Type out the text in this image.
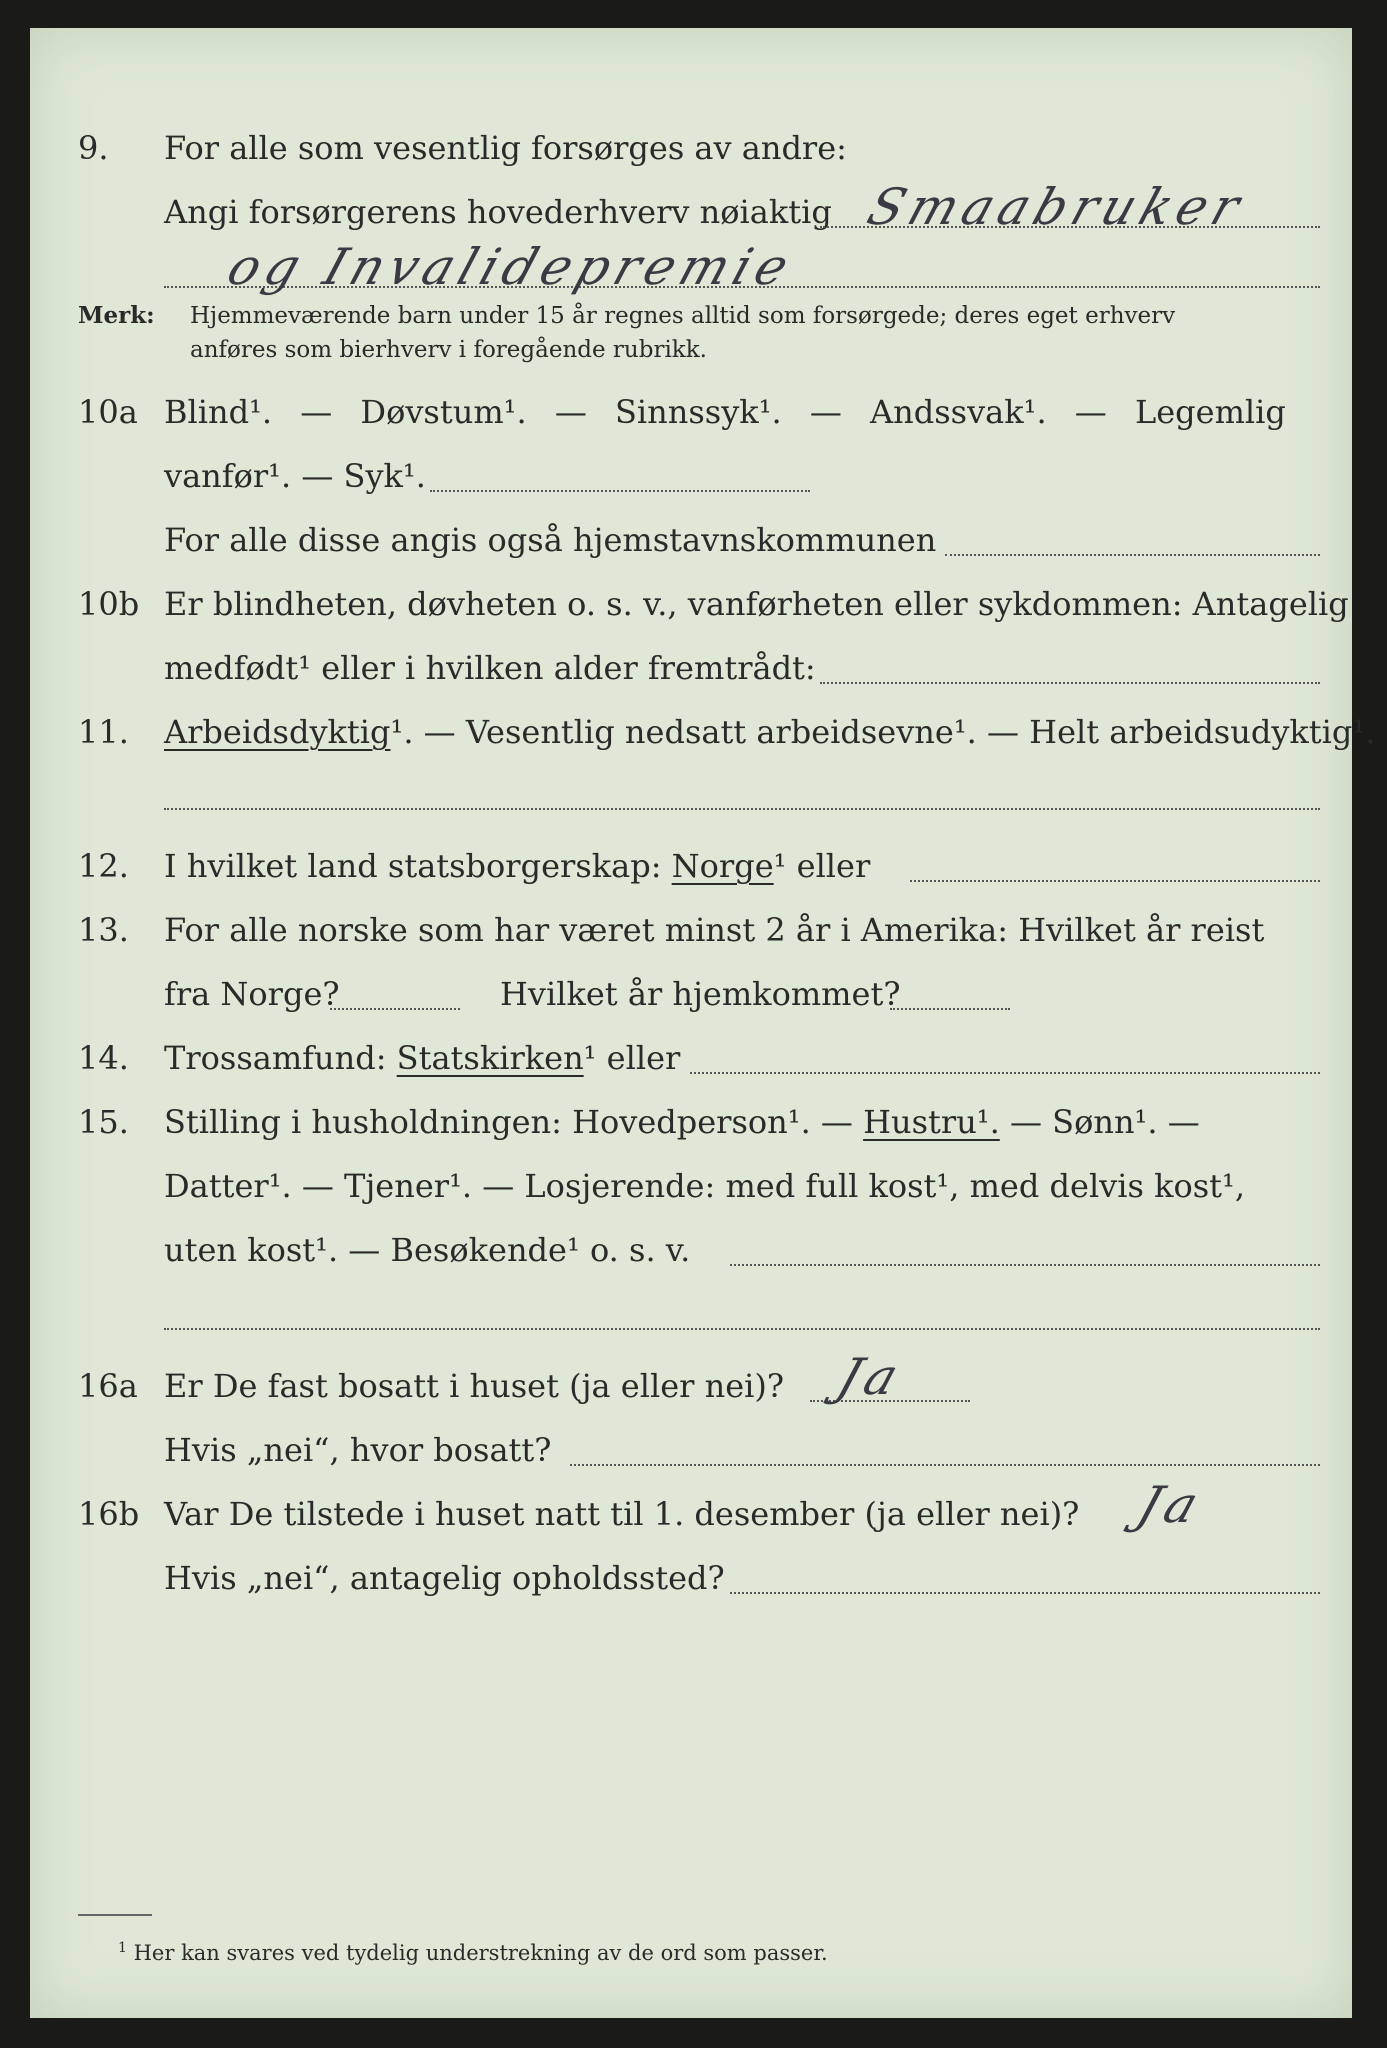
9. For alle som vesentlig forsørges av andre:
Angi forsørgerens hovederhverv nøiaktig Smaabruker
og Invalidepremie
Merk: Hjemmeværende barn under 15 år regnes alltid som forsørgede; deres eget erhverv
anføres som bierhverv i foregående rubrikk.
10a Blind¹. — Døvstum¹. — Sinnssyk¹. — Andssvak¹. — Legemlig
vanfør¹. — Syk¹.
For alle disse angis også hjemstavnskommunen
10b Er blindheten, døvheten o. s. v., vanførheten eller sykdommen: Antagelig
medfødt¹ eller i hvilken alder fremtrådt:
11. Arbeidsdyktig¹. — Vesentlig nedsatt arbeidsevne¹. — Helt arbeidsudyktig¹.
12. I hvilket land statsborgerskap: Norge¹ eller
13. For alle norske som har været minst 2 år i Amerika: Hvilket år reist
fra Norge?	Hvilket år hjemkommet?
14. Trossamfund: Statskirken¹ eller
15. Stilling i husholdningen: Hovedperson¹. — Hustru¹. — Sønn¹. —
Datter¹. — Tjener¹. — Losjerende: med full kost¹, med delvis kost¹,
uten kost¹. — Besøkende¹ o. s. v.
16a Er De fast bosatt i huset (ja eller nei)? Ja
Hvis „nei“, hvor bosatt?
16b Var De tilstede i huset natt til 1. desember (ja eller nei)? Ja
Hvis „nei“, antagelig opholdssted?
$^1$ Her kan svares ved tydelig understrekning av de ord som passer.
